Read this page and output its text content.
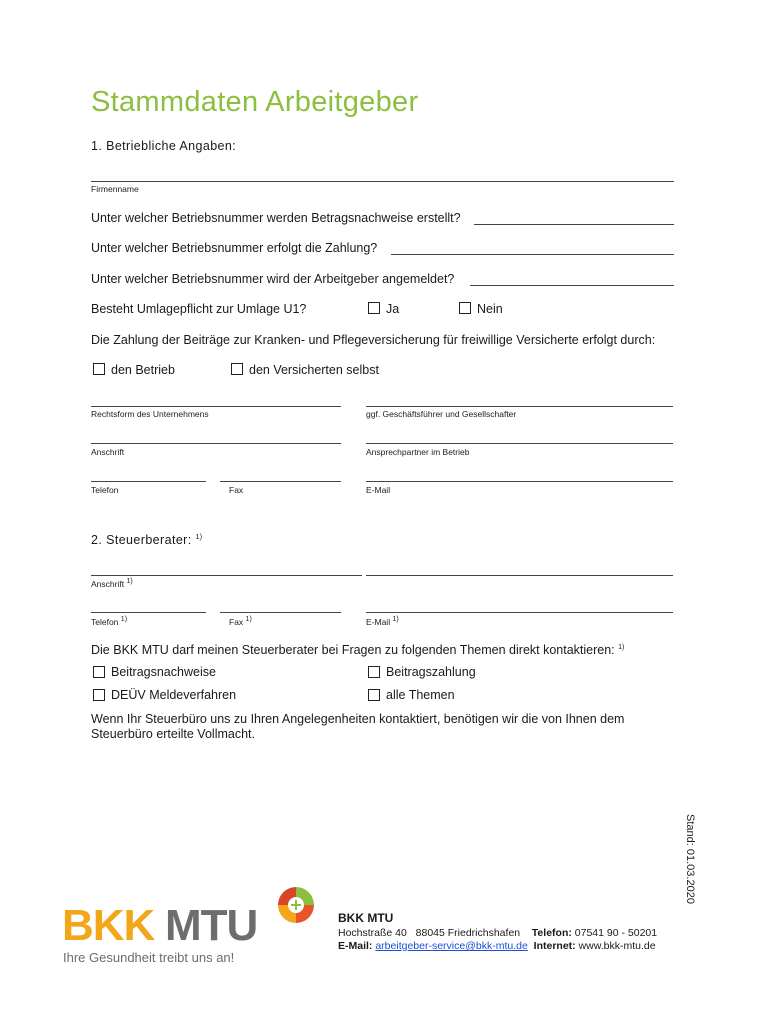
Stammdaten Arbeitgeber
1. Betriebliche Angaben:
Firmenname
Unter welcher Betriebsnummer werden Betragsnachweise erstellt?
Unter welcher Betriebsnummer erfolgt die Zahlung?
Unter welcher Betriebsnummer wird der Arbeitgeber angemeldet?
Besteht Umlagepflicht zur Umlage U1?	Ja	Nein
Die Zahlung der Beiträge zur Kranken- und Pflegeversicherung für freiwillige Versicherte erfolgt durch:
den Betrieb	den Versicherten selbst
Rechtsform des Unternehmens	ggf. Geschäftsführer und Gesellschafter
Anschrift	Ansprechpartner im Betrieb
Telefon	Fax	E-Mail
2. Steuerberater: $^{1)}$
Anschrift $^{1)}$
Telefon $^{1)}$	Fax $^{1)}$	E-Mail $^{1)}$
Die BKK MTU darf meinen Steuerberater bei Fragen zu folgenden Themen direkt kontaktieren: $^{1)}$
Beitragsnachweise	Beitragszahlung
DEÜV Meldeverfahren	alle Themen
Wenn Ihr Steuerbüro uns zu Ihren Angelegenheiten kontaktiert, benötigen wir die von Ihnen dem
Steuerbüro erteilte Vollmacht.
Stand: 01.03.2020
BKK MTU
Ihre Gesundheit treibt uns an!
BKK MTU
Hochstraße 40 88045 Friedrichshafen Telefon: 07541 90 - 50201
E-Mail: arbeitgeber-service@bkk-mtu.de Internet: www.bkk-mtu.de
